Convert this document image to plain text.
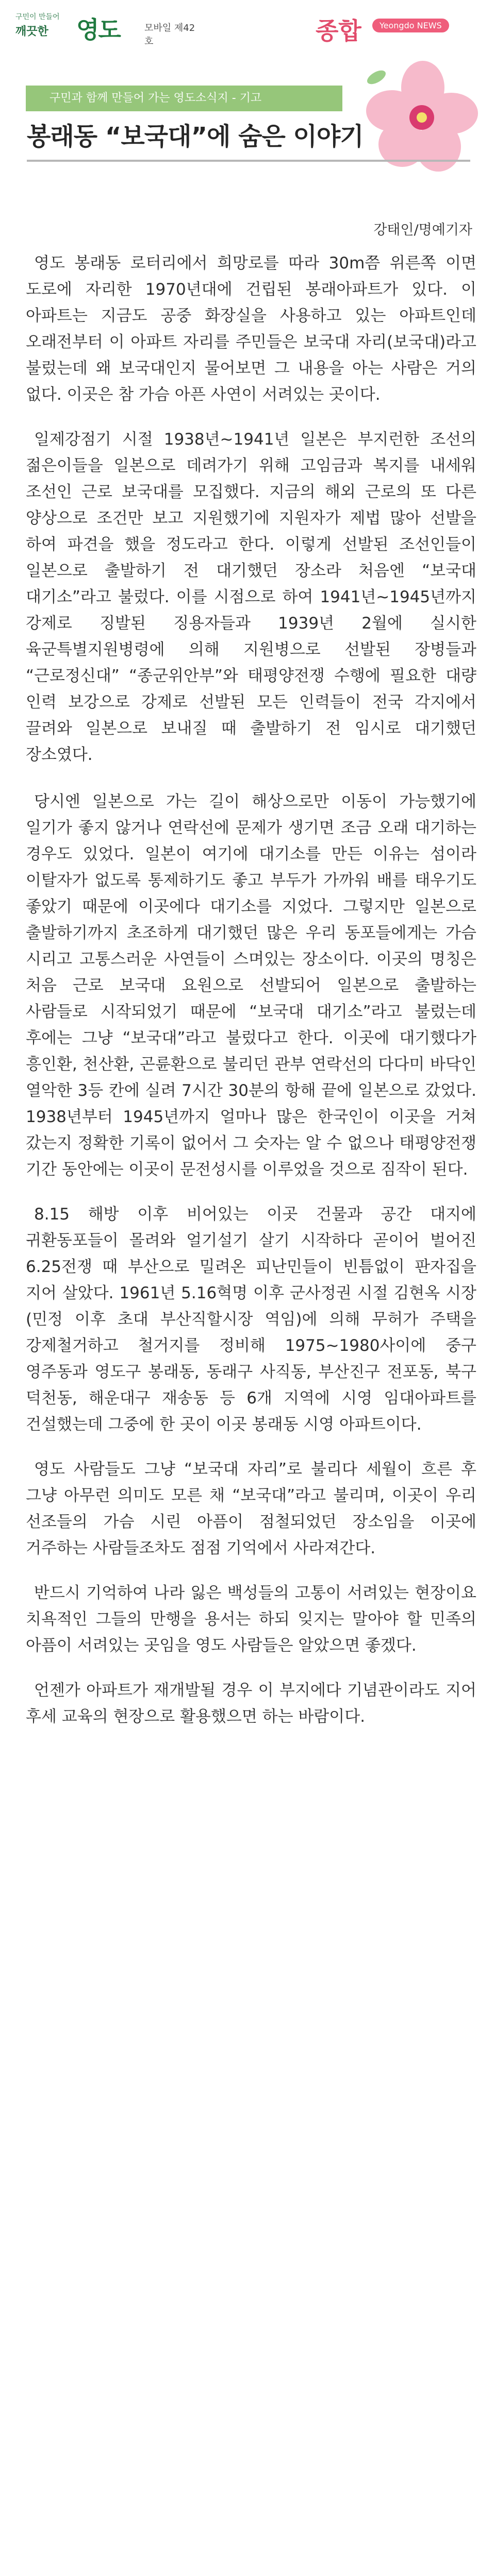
구민이 만들어
깨끗한 영도	모바일 제42호	종합	Yeongdo NEWS
구민과 함께 만들어 가는 영도소식지 - 기고
봉래동 “보국대”에 숨은 이야기
강태인/명예기자

영도 봉래동 로터리에서 희망로를 따라 30m쯤 위른쪽 이면 도로에 자리한 1970년대에 건립된 봉래아파트가 있다. 이 아파트는 지금도 공중 화장실을 사용하고 있는 아파트인데 오래전부터 이 아파트 자리를 주민들은 보국대 자리(보국대)라고 불렀는데 왜 보국대인지 물어보면 그 내용을 아는 사람은 거의 없다. 이곳은 참 가슴 아픈 사연이 서려있는 곳이다.

일제강점기 시절 1938년~1941년 일본은 부지런한 조선의 젊은이들을 일본으로 데려가기 위해 고임금과 복지를 내세워 조선인 근로 보국대를 모집했다. 지금의 해외 근로의 또 다른 양상으로 조건만 보고 지원했기에 지원자가 제법 많아 선발을 하여 파견을 했을 정도라고 한다. 이렇게 선발된 조선인들이 일본으로 출발하기 전 대기했던 장소라 처음엔 “보국대 대기소”라고 불렀다. 이를 시점으로 하여 1941년~1945년까지 강제로 징발된 징용자들과 1939년 2월에 실시한 육군특별지원병령에 의해 지원병으로 선발된 장병들과 “근로정신대” “종군위안부”와 태평양전쟁 수행에 필요한 대량 인력 보강으로 강제로 선발된 모든 인력들이 전국 각지에서 끌려와 일본으로 보내질 때 출발하기 전 임시로 대기했던 장소였다.

당시엔 일본으로 가는 길이 해상으로만 이동이 가능했기에 일기가 좋지 않거나 연락선에 문제가 생기면 조금 오래 대기하는 경우도 있었다. 일본이 여기에 대기소를 만든 이유는 섬이라 이탈자가 없도록 통제하기도 좋고 부두가 가까워 배를 태우기도 좋았기 때문에 이곳에다 대기소를 지었다. 그렇지만 일본으로 출발하기까지 초조하게 대기했던 많은 우리 동포들에게는 가슴 시리고 고통스러운 사연들이 스며있는 장소이다. 이곳의 명칭은 처음 근로 보국대 요원으로 선발되어 일본으로 출발하는 사람들로 시작되었기 때문에 “보국대 대기소”라고 불렀는데 후에는 그냥 “보국대”라고 불렀다고 한다. 이곳에 대기했다가 흥인환, 천산환, 곤륜환으로 불리던 관부 연락선의 다다미 바닥인 열악한 3등 칸에 실려 7시간 30분의 항해 끝에 일본으로 갔었다. 1938년부터 1945년까지 얼마나 많은 한국인이 이곳을 거쳐 갔는지 정확한 기록이 없어서 그 숫자는 알 수 없으나 태평양전쟁 기간 동안에는 이곳이 문전성시를 이루었을 것으로 짐작이 된다.

8.15 해방 이후 비어있는 이곳 건물과 공간 대지에 귀환동포들이 몰려와 얼기설기 살기 시작하다 곧이어 벌어진 6.25전쟁 때 부산으로 밀려온 피난민들이 빈틈없이 판자집을 지어 살았다. 1961년 5.16혁명 이후 군사정권 시절 김현옥 시장(민정 이후 초대 부산직할시장 역임)에 의해 무허가 주택을 강제철거하고 철거지를 정비해 1975~1980사이에 중구 영주동과 영도구 봉래동, 동래구 사직동, 부산진구 전포동, 북구 덕천동, 해운대구 재송동 등 6개 지역에 시영 임대아파트를 건설했는데 그중에 한 곳이 이곳 봉래동 시영 아파트이다.

영도 사람들도 그냥 “보국대 자리”로 불리다 세월이 흐른 후 그냥 아무런 의미도 모른 채 “보국대”라고 불리며, 이곳이 우리 선조들의 가슴 시린 아픔이 점철되었던 장소임을 이곳에 거주하는 사람들조차도 점점 기억에서 사라져간다.

반드시 기억하여 나라 잃은 백성들의 고통이 서려있는 현장이요 치욕적인 그들의 만행을 용서는 하되 잊지는 말아야 할 민족의 아픔이 서려있는 곳임을 영도 사람들은 알았으면 좋겠다.

언젠가 아파트가 재개발될 경우 이 부지에다 기념관이라도 지어 후세 교육의 현장으로 활용했으면 하는 바람이다.
